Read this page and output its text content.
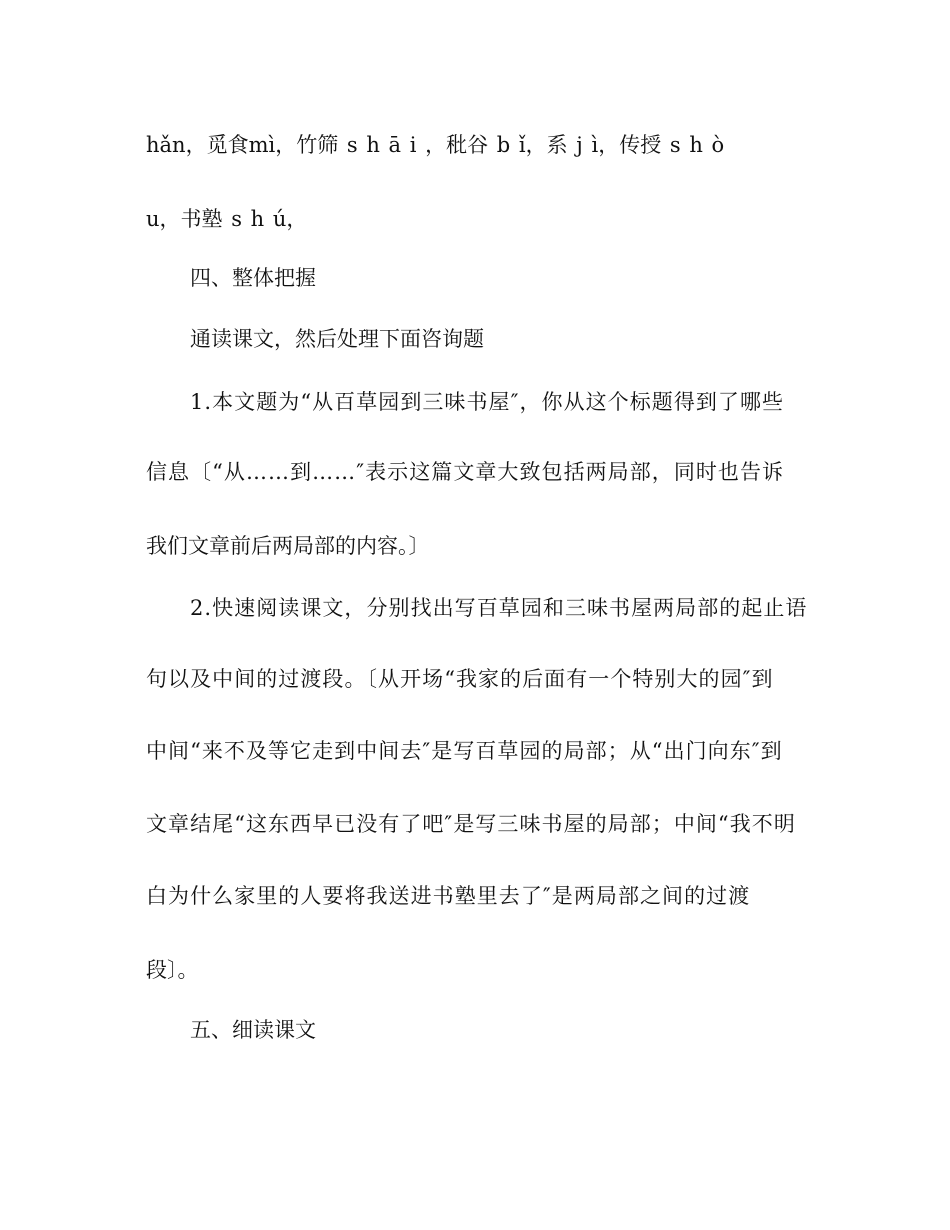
hǎn，觅食mì，竹筛 s h ā i ，秕谷 b ǐ，系 j ì，传授 s h ò
u，书塾 s h ú，
四、整体把握
通读课文，然后处理下面咨询题
1.本文题为“从百草园到三味书屋″，你从这个标题得到了哪些
信息〔“从……到……″表示这篇文章大致包括两局部，同时也告诉
我们文章前后两局部的内容。〕
2.快速阅读课文，分别找出写百草园和三味书屋两局部的起止语
句以及中间的过渡段。〔从开场“我家的后面有一个特别大的园″到
中间“来不及等它走到中间去″是写百草园的局部；从“出门向东″到
文章结尾“这东西早已没有了吧″是写三味书屋的局部；中间“我不明
白为什么家里的人要将我送进书塾里去了″是两局部之间的过渡
段〕。
五、细读课文
